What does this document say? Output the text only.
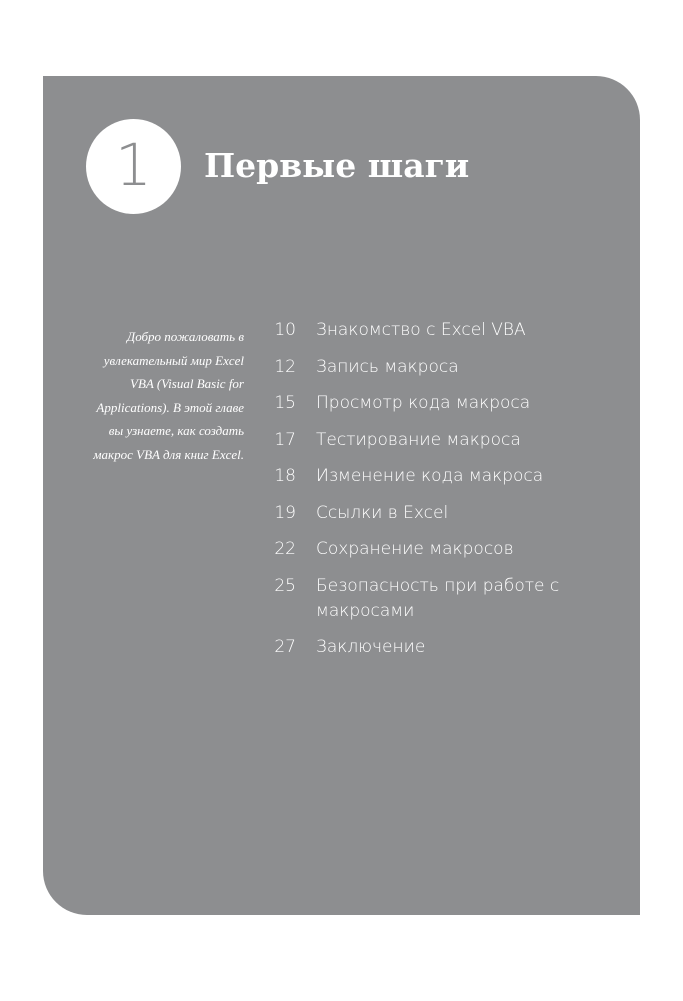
1 Первые шаги
Добро пожаловать в увлекательный мир Excel VBA (Visual Basic for Applications). В этой главе вы узнаете, как создать макрос VBA для книг Excel.
10 Знакомство с Excel VBA
12 Запись макроса
15 Просмотр кода макроса
17 Тестирование макроса
18 Изменение кода макроса
19 Ссылки в Excel
22 Сохранение макросов
25 Безопасность при работе с макросами
27 Заключение
